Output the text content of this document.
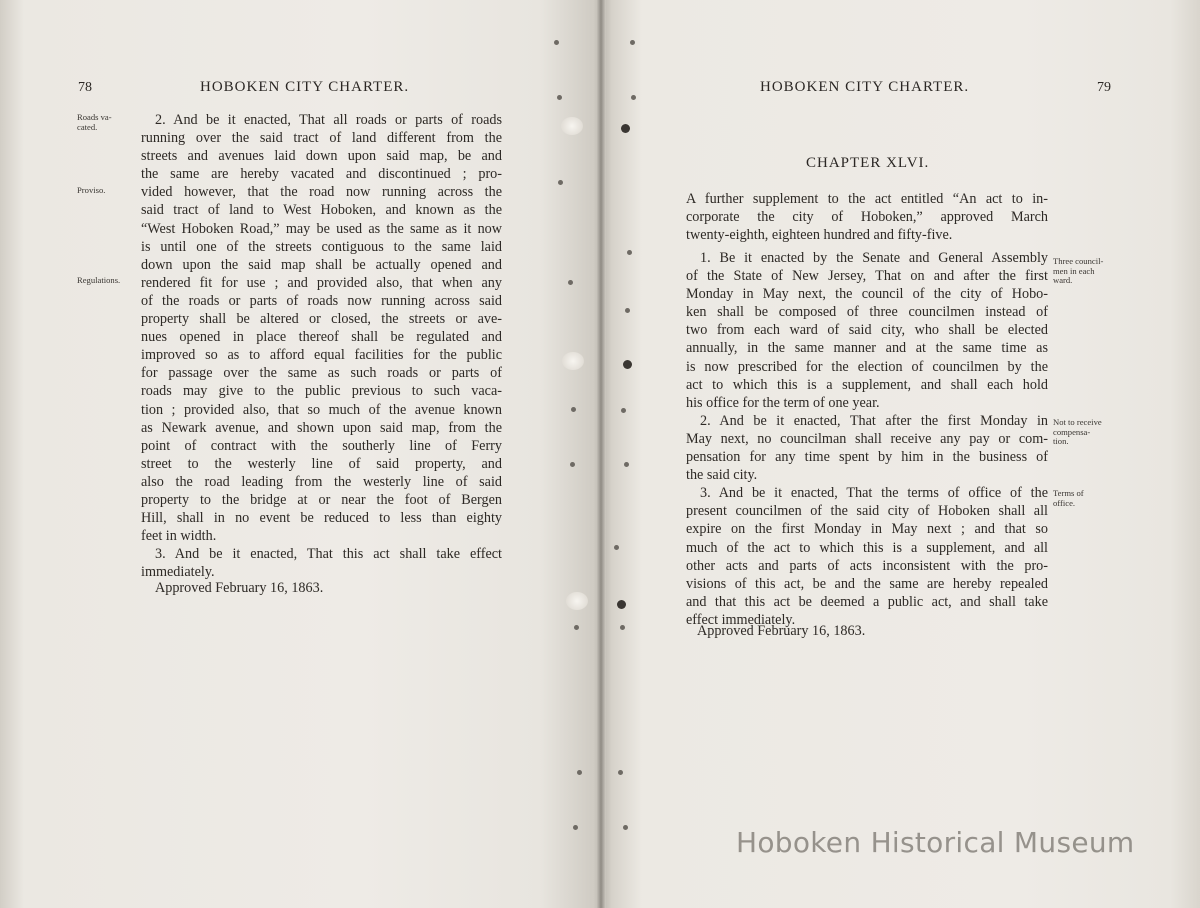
78	HOBOKEN CITY CHARTER.
Roads va-
cated.
Proviso.
Regulations.
2. And be it enacted, That all roads or parts of roads
running over the said tract of land different from the
streets and avenues laid down upon said map, be and
the same are hereby vacated and discontinued ; pro-
vided however, that the road now running across the
said tract of land to West Hoboken, and known as the
“West Hoboken Road,” may be used as the same as it now
is until one of the streets contiguous to the same laid
down upon the said map shall be actually opened and
rendered fit for use ; and provided also, that when any
of the roads or parts of roads now running across said
property shall be altered or closed, the streets or ave-
nues opened in place thereof shall be regulated and
improved so as to afford equal facilities for the public
for passage over the same as such roads or parts of
roads may give to the public previous to such vaca-
tion ; provided also, that so much of the avenue known
as Newark avenue, and shown upon said map, from the
point of contract with the southerly line of Ferry
street to the westerly line of said property, and
also the road leading from the westerly line of said
property to the bridge at or near the foot of Bergen
Hill, shall in no event be reduced to less than eighty
feet in width.
3. And be it enacted, That this act shall take effect
immediately.
Approved February 16, 1863.
HOBOKEN CITY CHARTER.	79
CHAPTER XLVI.
A further supplement to the act entitled “An act to in-
corporate the city of Hoboken,” approved March
twenty-eighth, eighteen hundred and fifty-five.
Three council-
men in each
ward.
Not to receive
compensa-
tion.
Terms of
office.
1. Be it enacted by the Senate and General Assembly
of the State of New Jersey, That on and after the first
Monday in May next, the council of the city of Hobo-
ken shall be composed of three councilmen instead of
two from each ward of said city, who shall be elected
annually, in the same manner and at the same time as
is now prescribed for the election of councilmen by the
act to which this is a supplement, and shall each hold
his office for the term of one year.
2. And be it enacted, That after the first Monday in
May next, no councilman shall receive any pay or com-
pensation for any time spent by him in the business of
the said city.
3. And be it enacted, That the terms of office of the
present councilmen of the said city of Hoboken shall all
expire on the first Monday in May next ; and that so
much of the act to which this is a supplement, and all
other acts and parts of acts inconsistent with the pro-
visions of this act, be and the same are hereby repealed
and that this act be deemed a public act, and shall take
effect immediately.
Approved February 16, 1863.
Hoboken Historical Museum
